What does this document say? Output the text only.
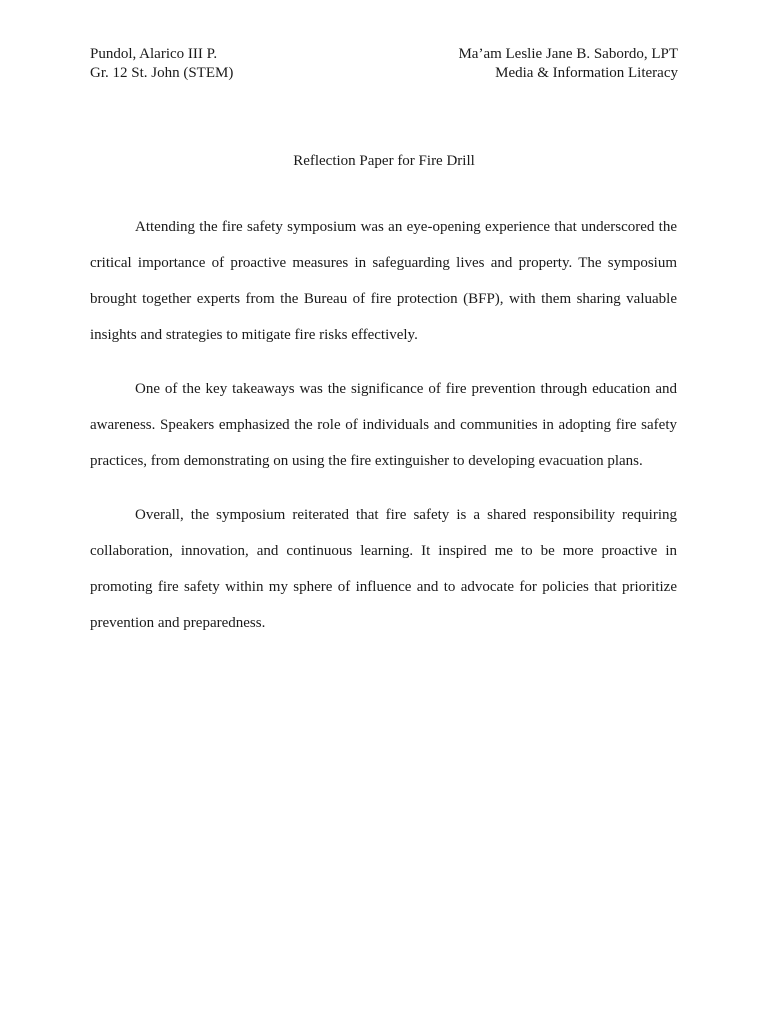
Pundol, Alarico III P.
Gr. 12 St. John (STEM)
Ma’am Leslie Jane B. Sabordo, LPT
Media & Information Literacy
Reflection Paper for Fire Drill

Attending the fire safety symposium was an eye-opening experience that underscored the critical importance of proactive measures in safeguarding lives and property. The symposium brought together experts from the Bureau of fire protection (BFP), with them sharing valuable insights and strategies to mitigate fire risks effectively.

One of the key takeaways was the significance of fire prevention through education and awareness. Speakers emphasized the role of individuals and communities in adopting fire safety practices, from demonstrating on using the fire extinguisher to developing evacuation plans.

Overall, the symposium reiterated that fire safety is a shared responsibility requiring collaboration, innovation, and continuous learning. It inspired me to be more proactive in promoting fire safety within my sphere of influence and to advocate for policies that prioritize prevention and preparedness.
